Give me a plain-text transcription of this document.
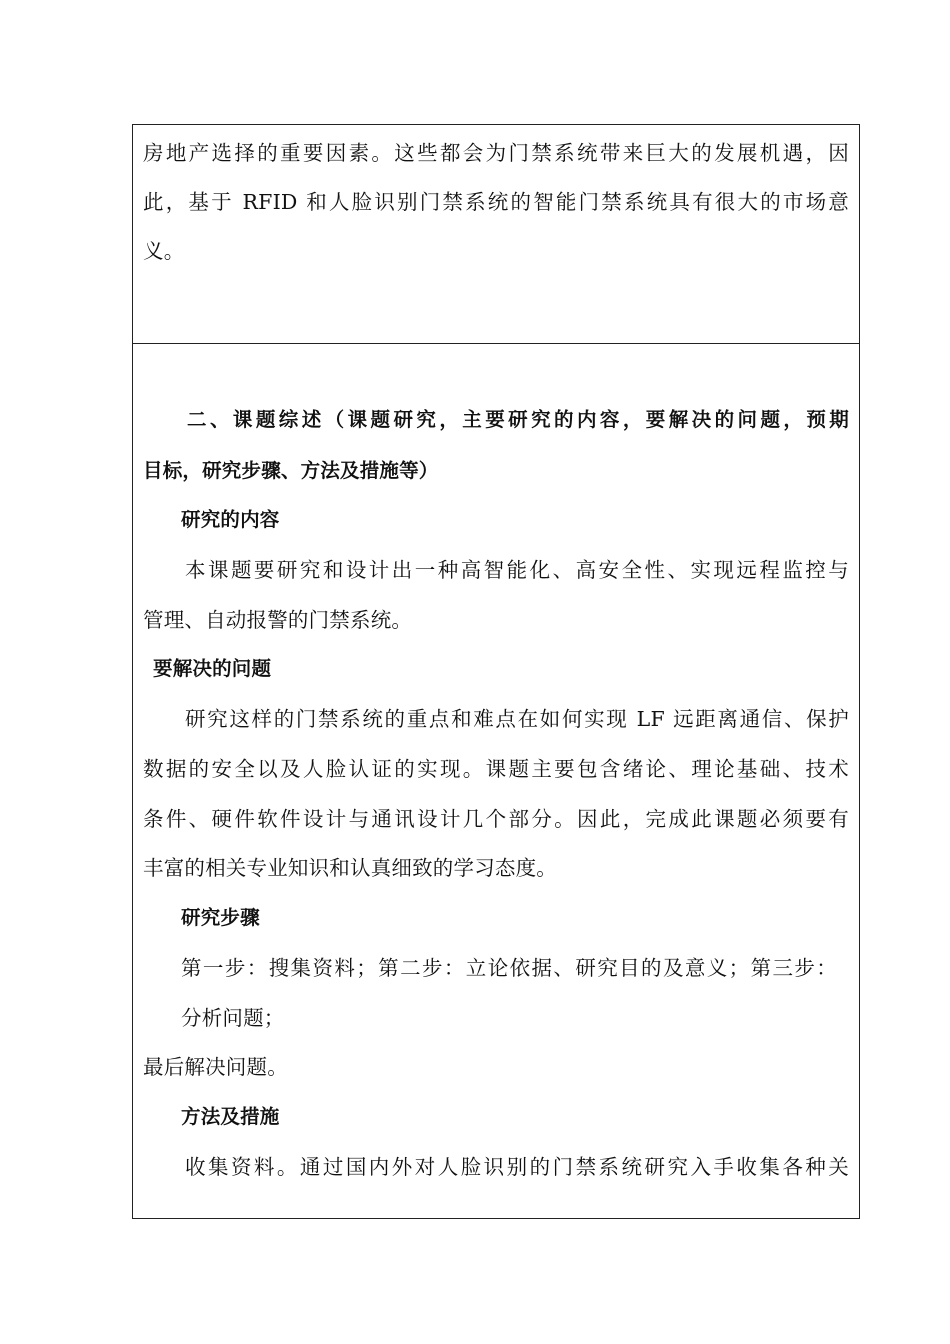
房地产选择的重要因素。这些都会为门禁系统带来巨大的发展机遇，因
此，基于 RFID 和人脸识别门禁系统的智能门禁系统具有很大的市场意
义。
二、课题综述（课题研究，主要研究的内容，要解决的问题，预期
目标，研究步骤、方法及措施等）
研究的内容
本课题要研究和设计出一种高智能化、高安全性、实现远程监控与
管理、自动报警的门禁系统。
要解决的问题
研究这样的门禁系统的重点和难点在如何实现 LF 远距离通信、保护
数据的安全以及人脸认证的实现。课题主要包含绪论、理论基础、技术
条件、硬件软件设计与通讯设计几个部分。因此，完成此课题必须要有
丰富的相关专业知识和认真细致的学习态度。
研究步骤
第一步：搜集资料；第二步：立论依据、研究目的及意义；第三步：
分析问题；
最后解决问题。
方法及措施
收集资料。通过国内外对人脸识别的门禁系统研究入手收集各种关
